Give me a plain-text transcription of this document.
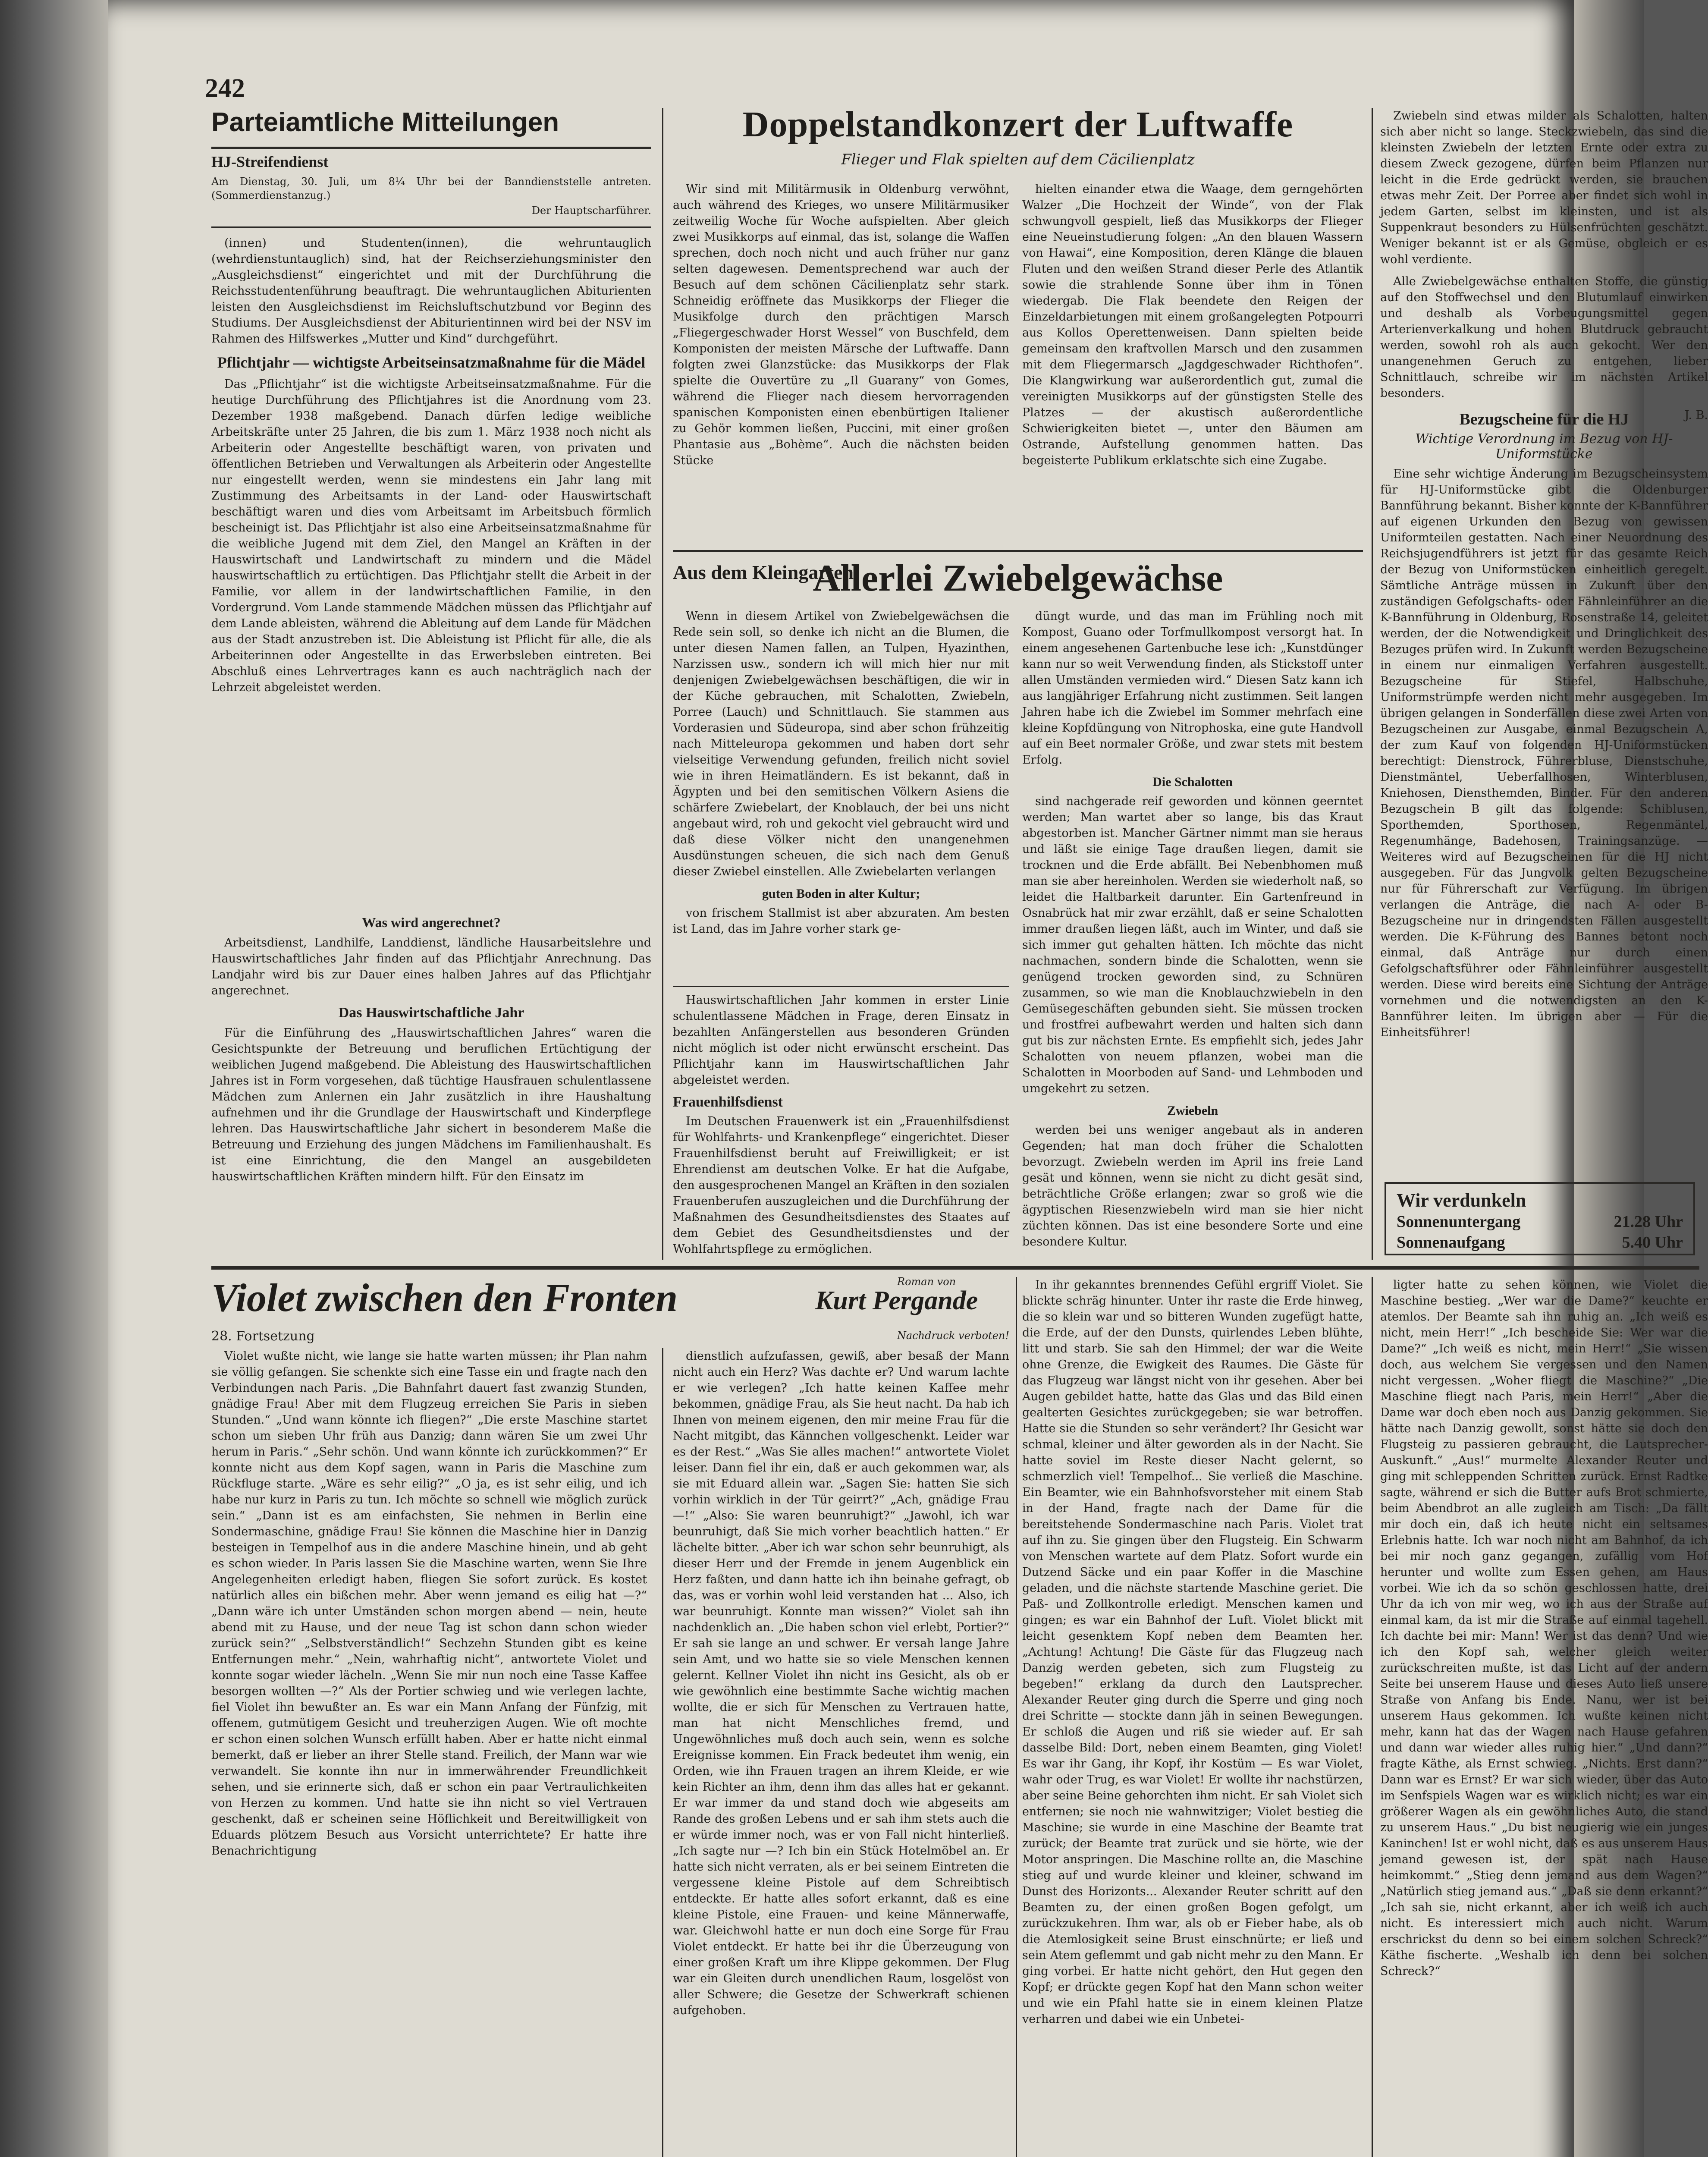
242
Parteiamtliche Mitteilungen
HJ-Streifendienst
Am Dienstag, 30. Juli, um 8¼ Uhr bei der Banndienststelle antreten. (Sommerdienstanzug.)
Der Hauptscharführer.

(innen) und Studenten(innen), die wehruntauglich (wehrdienstuntauglich) sind, hat der Reichserziehungsminister den „Ausgleichsdienst“ eingerichtet und mit der Durchführung die Reichsstudentenführung beauftragt. Die wehruntauglichen Abiturienten leisten den Ausgleichsdienst im Reichsluftschutzbund vor Beginn des Studiums. Der Ausgleichsdienst der Abiturientinnen wird bei der NSV im Rahmen des Hilfswerkes „Mutter und Kind“ durchgeführt.

Pflichtjahr — wichtigste Arbeitseinsatzmaßnahme für die Mädel

Das „Pflichtjahr“ ist die wichtigste Arbeitseinsatzmaßnahme. Für die heutige Durchführung des Pflichtjahres ist die Anordnung vom 23. Dezember 1938 maßgebend. Danach dürfen ledige weibliche Arbeitskräfte unter 25 Jahren, die bis zum 1. März 1938 noch nicht als Arbeiterin oder Angestellte beschäftigt waren, von privaten und öffentlichen Betrieben und Verwaltungen als Arbeiterin oder Angestellte nur eingestellt werden, wenn sie mindestens ein Jahr lang mit Zustimmung des Arbeitsamts in der Land- oder Hauswirtschaft beschäftigt waren und dies vom Arbeitsamt im Arbeitsbuch förmlich bescheinigt ist. Das Pflichtjahr ist also eine Arbeitseinsatzmaßnahme für die weibliche Jugend mit dem Ziel, den Mangel an Kräften in der Hauswirtschaft und Landwirtschaft zu mindern und die Mädel hauswirtschaftlich zu ertüchtigen. Das Pflichtjahr stellt die Arbeit in der Familie, vor allem in der landwirtschaftlichen Familie, in den Vordergrund. Vom Lande stammende Mädchen müssen das Pflichtjahr auf dem Lande ableisten, während die Ableitung auf dem Lande für Mädchen aus der Stadt anzustreben ist. Die Ableistung ist Pflicht für alle, die als Arbeiterinnen oder Angestellte in das Erwerbsleben eintreten. Bei Abschluß eines Lehrvertrages kann es auch nachträglich nach der Lehrzeit abgeleistet werden.

Was wird angerechnet?

Arbeitsdienst, Landhilfe, Landdienst, ländliche Hausarbeitslehre und Hauswirtschaftliches Jahr finden auf das Pflichtjahr Anrechnung. Das Landjahr wird bis zur Dauer eines halben Jahres auf das Pflichtjahr angerechnet.

Das Hauswirtschaftliche Jahr

Für die Einführung des „Hauswirtschaftlichen Jahres“ waren die Gesichtspunkte der Betreuung und beruflichen Ertüchtigung der weiblichen Jugend maßgebend. Die Ableistung des Hauswirtschaftlichen Jahres ist in Form vorgesehen, daß tüchtige Hausfrauen schulentlassene Mädchen zum Anlernen ein Jahr zusätzlich in ihre Haushaltung aufnehmen und ihr die Grundlage der Hauswirtschaft und Kinderpflege lehren. Das Hauswirtschaftliche Jahr sichert in besonderem Maße die Betreuung und Erziehung des jungen Mädchens im Familienhaushalt. Es ist eine Einrichtung, die den Mangel an ausgebildeten hauswirtschaftlichen Kräften mindern hilft. Für den Einsatz im

Doppelstandkonzert der Luftwaffe
Flieger und Flak spielten auf dem Cäcilienplatz

Wir sind mit Militärmusik in Oldenburg verwöhnt, auch während des Krieges, wo unsere Militärmusiker zeitweilig Woche für Woche aufspielten. Aber gleich zwei Musikkorps auf einmal, das ist, solange die Waffen sprechen, doch noch nicht und auch früher nur ganz selten dagewesen. Dementsprechend war auch der Besuch auf dem schönen Cäcilienplatz sehr stark. Schneidig eröffnete das Musikkorps der Flieger die Musikfolge durch den prächtigen Marsch „Fliegergeschwader Horst Wessel“ von Buschfeld, dem Komponisten der meisten Märsche der Luftwaffe. Dann folgten zwei Glanzstücke: das Musikkorps der Flak spielte die Ouvertüre zu „Il Guarany“ von Gomes, während die Flieger nach diesem hervorragenden spanischen Komponisten einen ebenbürtigen Italiener zu Gehör kommen ließen, Puccini, mit einer großen Phantasie aus „Bohème“. Auch die nächsten beiden Stücke

hielten einander etwa die Waage, dem gerngehörten Walzer „Die Hochzeit der Winde“, von der Flak schwungvoll gespielt, ließ das Musikkorps der Flieger eine Neueinstudierung folgen: „An den blauen Wassern von Hawai“, eine Komposition, deren Klänge die blauen Fluten und den weißen Strand dieser Perle des Atlantik sowie die strahlende Sonne über ihm in Tönen wiedergab. Die Flak beendete den Reigen der Einzeldarbietungen mit einem großangelegten Potpourri aus Kollos Operettenweisen. Dann spielten beide gemeinsam den kraftvollen Marsch und den zusammen mit dem Fliegermarsch „Jagdgeschwader Richthofen“. Die Klangwirkung war außerordentlich gut, zumal die vereinigten Musikkorps auf der günstigsten Stelle des Platzes — der akustisch außerordentliche Schwierigkeiten bietet —, unter den Bäumen am Ostrande, Aufstellung genommen hatten. Das begeisterte Publikum erklatschte sich eine Zugabe.

Aus dem Kleingarten
Allerlei Zwiebelgewächse

Wenn in diesem Artikel von Zwiebelgewächsen die Rede sein soll, so denke ich nicht an die Blumen, die unter diesen Namen fallen, an Tulpen, Hyazinthen, Narzissen usw., sondern ich will mich hier nur mit denjenigen Zwiebelgewächsen beschäftigen, die wir in der Küche gebrauchen, mit Schalotten, Zwiebeln, Porree (Lauch) und Schnittlauch. Sie stammen aus Vorderasien und Südeuropa, sind aber schon frühzeitig nach Mitteleuropa gekommen und haben dort sehr vielseitige Verwendung gefunden, freilich nicht soviel wie in ihren Heimatländern. Es ist bekannt, daß in Ägypten und bei den semitischen Völkern Asiens die schärfere Zwiebelart, der Knoblauch, der bei uns nicht angebaut wird, roh und gekocht viel gebraucht wird und daß diese Völker nicht den unangenehmen Ausdünstungen scheuen, die sich nach dem Genuß dieser Zwiebel einstellen. Alle Zwiebelarten verlangen

guten Boden in alter Kultur;

von frischem Stallmist ist aber abzuraten. Am besten ist Land, das im Jahre vorher stark ge-

düngt wurde, und das man im Frühling noch mit Kompost, Guano oder Torfmullkompost versorgt hat. In einem angesehenen Gartenbuche lese ich: „Kunstdünger kann nur so weit Verwendung finden, als Stickstoff unter allen Umständen vermieden wird.“ Diesen Satz kann ich aus langjähriger Erfahrung nicht zustimmen. Seit langen Jahren habe ich die Zwiebel im Sommer mehrfach eine kleine Kopfdüngung von Nitrophoska, eine gute Handvoll auf ein Beet normaler Größe, und zwar stets mit bestem Erfolg.

Die Schalotten

sind nachgerade reif geworden und können geerntet werden; Man wartet aber so lange, bis das Kraut abgestorben ist. Mancher Gärtner nimmt man sie heraus und läßt sie einige Tage draußen liegen, damit sie trocknen und die Erde abfällt. Bei Nebenbhomen muß man sie aber hereinholen. Werden sie wiederholt naß, so leidet die Haltbarkeit darunter. Ein Gartenfreund in Osnabrück hat mir zwar erzählt, daß er seine Schalotten immer draußen liegen läßt, auch im Winter, und daß sie sich immer gut gehalten hätten. Ich möchte das nicht nachmachen, sondern binde die Schalotten, wenn sie genügend trocken geworden sind, zu Schnüren zusammen, so wie man die Knoblauchzwiebeln in den Gemüsegeschäften gebunden sieht. Sie müssen trocken und frostfrei aufbewahrt werden und halten sich dann gut bis zur nächsten Ernte. Es empfiehlt sich, jedes Jahr Schalotten von neuem pflanzen, wobei man die Schalotten in Moorboden auf Sand- und Lehmboden und umgekehrt zu setzen.

Zwiebeln

werden bei uns weniger angebaut als in anderen Gegenden; hat man doch früher die Schalotten bevorzugt. Zwiebeln werden im April ins freie Land gesät und können, wenn sie nicht zu dicht gesät sind, beträchtliche Größe erlangen; zwar so groß wie die ägyptischen Riesenzwiebeln wird man sie hier nicht züchten können. Das ist eine besondere Sorte und eine besondere Kultur.

Hauswirtschaftlichen Jahr kommen in erster Linie schulentlassene Mädchen in Frage, deren Einsatz in bezahlten Anfängerstellen aus besonderen Gründen nicht möglich ist oder nicht erwünscht erscheint. Das Pflichtjahr kann im Hauswirtschaftlichen Jahr abgeleistet werden.

Frauenhilfsdienst

Im Deutschen Frauenwerk ist ein „Frauenhilfsdienst für Wohlfahrts- und Krankenpflege“ eingerichtet. Dieser Frauenhilfsdienst beruht auf Freiwilligkeit; er ist Ehrendienst am deutschen Volke. Er hat die Aufgabe, den ausgesprochenen Mangel an Kräften in den sozialen Frauenberufen auszugleichen und die Durchführung der Maßnahmen des Gesundheitsdienstes des Staates auf dem Gebiet des Gesundheitsdienstes und der Wohlfahrtspflege zu ermöglichen.

Zwiebeln sind etwas milder als Schalotten, halten sich aber nicht so lange. Steckzwiebeln, das sind die kleinsten Zwiebeln der letzten Ernte oder extra zu diesem Zweck gezogene, dürfen beim Pflanzen nur leicht in die Erde gedrückt werden, sie brauchen etwas mehr Zeit. Der Porree aber findet sich wohl in jedem Garten, selbst im kleinsten, und ist als Suppenkraut besonders zu Hülsenfrüchten geschätzt. Weniger bekannt ist er als Gemüse, obgleich er es wohl verdiente.

Alle Zwiebelgewächse enthalten Stoffe, die günstig auf den Stoffwechsel und den Blutumlauf einwirken und deshalb als Vorbeugungsmittel gegen Arterienverkalkung und hohen Blutdruck gebraucht werden, sowohl roh als auch gekocht. Wer den unangenehmen Geruch zu entgehen, lieber Schnittlauch, schreibe wir im nächsten Artikel besonders.

J. B.
Bezugscheine für die HJ
Wichtige Verordnung im Bezug von HJ-Uniformstücke

Eine sehr wichtige Änderung im Bezugscheinsystem für HJ-Uniformstücke gibt die Oldenburger Bannführung bekannt. Bisher konnte der K-Bannführer auf eigenen Urkunden den Bezug von gewissen Uniformteilen gestatten. Nach einer Neuordnung des Reichsjugendführers ist jetzt für das gesamte Reich der Bezug von Uniformstücken einheitlich geregelt. Sämtliche Anträge müssen in Zukunft über den zuständigen Gefolgschafts- oder Fähnleinführer an die K-Bannführung in Oldenburg, Rosenstraße 14, geleitet werden, der die Notwendigkeit und Dringlichkeit des Bezuges prüfen wird. In Zukunft werden Bezugscheine in einem nur einmaligen Verfahren ausgestellt. Bezugscheine für Stiefel, Halbschuhe, Uniformstrümpfe werden nicht mehr ausgegeben. Im übrigen gelangen in Sonderfällen diese zwei Arten von Bezugscheinen zur Ausgabe, einmal Bezugschein A, der zum Kauf von folgenden HJ-Uniformstücken berechtigt: Dienstrock, Führerbluse, Dienstschuhe, Dienstmäntel, Ueberfallhosen, Winterblusen, Kniehosen, Diensthemden, Binder. Für den anderen Bezugschein B gilt das folgende: Schiblusen, Sporthemden, Sporthosen, Regenmäntel, Regenumhänge, Badehosen, Trainingsanzüge. — Weiteres wird auf Bezugscheinen für die HJ nicht ausgegeben. Für das Jungvolk gelten Bezugscheine nur für Führerschaft zur Verfügung. Im übrigen verlangen die Anträge, die nach A- oder B-Bezugscheine nur in dringendsten Fällen ausgestellt werden. Die K-Führung des Bannes betont noch einmal, daß Anträge nur durch einen Gefolgschaftsführer oder Fähnleinführer ausgestellt werden. Diese wird bereits eine Sichtung der Anträge vornehmen und die notwendigsten an den K-Bannführer leiten. Im übrigen aber — Für die Einheitsführer!

Wir verdunkeln
Sonnenuntergang	21.28 Uhr
Sonnenaufgang	5.40 Uhr
Violet zwischen den Fronten	Roman von
Kurt Pergande
28. Fortsetzung	Nachdruck verboten!

Violet wußte nicht, wie lange sie hatte warten müssen; ihr Plan nahm sie völlig gefangen. Sie schenkte sich eine Tasse ein und fragte nach den Verbindungen nach Paris. „Die Bahnfahrt dauert fast zwanzig Stunden, gnädige Frau! Aber mit dem Flugzeug erreichen Sie Paris in sieben Stunden.“ „Und wann könnte ich fliegen?“ „Die erste Maschine startet schon um sieben Uhr früh aus Danzig; dann wären Sie um zwei Uhr herum in Paris.“ „Sehr schön. Und wann könnte ich zurückkommen?“ Er konnte nicht aus dem Kopf sagen, wann in Paris die Maschine zum Rückfluge starte. „Wäre es sehr eilig?“ „O ja, es ist sehr eilig, und ich habe nur kurz in Paris zu tun. Ich möchte so schnell wie möglich zurück sein.“ „Dann ist es am einfachsten, Sie nehmen in Berlin eine Sondermaschine, gnädige Frau! Sie können die Maschine hier in Danzig besteigen in Tempelhof aus in die andere Maschine hinein, und ab geht es schon wieder. In Paris lassen Sie die Maschine warten, wenn Sie Ihre Angelegenheiten erledigt haben, fliegen Sie sofort zurück. Es kostet natürlich alles ein bißchen mehr. Aber wenn jemand es eilig hat —?“ „Dann wäre ich unter Umständen schon morgen abend — nein, heute abend mit zu Hause, und der neue Tag ist schon dann schon wieder zurück sein?“ „Selbstverständlich!“ Sechzehn Stunden gibt es keine Entfernungen mehr.“ „Nein, wahrhaftig nicht“, antwortete Violet und konnte sogar wieder lächeln. „Wenn Sie mir nun noch eine Tasse Kaffee besorgen wollten —?“ Als der Portier schwieg und wie verlegen lachte, fiel Violet ihn bewußter an. Es war ein Mann Anfang der Fünfzig, mit offenem, gutmütigem Gesicht und treuherzigen Augen. Wie oft mochte er schon einen solchen Wunsch erfüllt haben. Aber er hatte nicht einmal bemerkt, daß er lieber an ihrer Stelle stand. Freilich, der Mann war wie verwandelt. Sie konnte ihn nur in immerwährender Freundlichkeit sehen, und sie erinnerte sich, daß er schon ein paar Vertraulichkeiten von Herzen zu kommen. Und hatte sie ihn nicht so viel Vertrauen geschenkt, daß er scheinen seine Höflichkeit und Bereitwilligkeit von Eduards plötzem Besuch aus Vorsicht unterrichtete? Er hatte ihre Benachrichtigung

dienstlich aufzufassen, gewiß, aber besaß der Mann nicht auch ein Herz? Was dachte er? Und warum lachte er wie verlegen? „Ich hatte keinen Kaffee mehr bekommen, gnädige Frau, als Sie heut nacht. Da hab ich Ihnen von meinem eigenen, den mir meine Frau für die Nacht mitgibt, das Kännchen vollgeschenkt. Leider war es der Rest.“ „Was Sie alles machen!“ antwortete Violet leiser. Dann fiel ihr ein, daß er auch gekommen war, als sie mit Eduard allein war. „Sagen Sie: hatten Sie sich vorhin wirklich in der Tür geirrt?“ „Ach, gnädige Frau —!“ „Also: Sie waren beunruhigt?“ „Jawohl, ich war beunruhigt, daß Sie mich vorher beachtlich hatten.“ Er lächelte bitter. „Aber ich war schon sehr beunruhigt, als dieser Herr und der Fremde in jenem Augenblick ein Herz faßten, und dann hatte ich ihn beinahe gefragt, ob das, was er vorhin wohl leid verstanden hat ... Also, ich war beunruhigt. Konnte man wissen?“ Violet sah ihn nachdenklich an. „Die haben schon viel erlebt, Portier?“ Er sah sie lange an und schwer. Er versah lange Jahre sein Amt, und wo hatte sie so viele Menschen kennen gelernt. Kellner Violet ihn nicht ins Gesicht, als ob er wie gewöhnlich eine bestimmte Sache wichtig machen wollte, die er sich für Menschen zu Vertrauen hatte, man hat nicht Menschliches fremd, und Ungewöhnliches muß doch auch sein, wenn es solche Ereignisse kommen. Ein Frack bedeutet ihm wenig, ein Orden, wie ihn Frauen tragen an ihrem Kleide, er wie kein Richter an ihm, denn ihm das alles hat er gekannt. Er war immer da und stand doch wie abgeseits am Rande des großen Lebens und er sah ihm stets auch die er würde immer noch, was er von Fall nicht hinterließ. „Ich sagte nur —? Ich bin ein Stück Hotelmöbel an. Er hatte sich nicht verraten, als er bei seinem Eintreten die vergessene kleine Pistole auf dem Schreibtisch entdeckte. Er hatte alles sofort erkannt, daß es eine kleine Pistole, eine Frauen- und keine Männerwaffe, war. Gleichwohl hatte er nun doch eine Sorge für Frau Violet entdeckt. Er hatte bei ihr die Überzeugung von einer großen Kraft um ihre Klippe gekommen. Der Flug war ein Gleiten durch unendlichen Raum, losgelöst von aller Schwere; die Gesetze der Schwerkraft schienen aufgehoben.

In ihr gekanntes brennendes Gefühl ergriff Violet. Sie blickte schräg hinunter. Unter ihr raste die Erde hinweg, die so klein war und so bitteren Wunden zugefügt hatte, die Erde, auf der den Dunsts, quirlendes Leben blühte, litt und starb. Sie sah den Himmel; der war die Weite ohne Grenze, die Ewigkeit des Raumes. Die Gäste für das Flugzeug war längst nicht von ihr gesehen. Aber bei Augen gebildet hatte, hatte das Glas und das Bild einen gealterten Gesichtes zurückgegeben; sie war betroffen. Hatte sie die Stunden so sehr verändert? Ihr Gesicht war schmal, kleiner und älter geworden als in der Nacht. Sie hatte soviel im Reste dieser Nacht gelernt, so schmerzlich viel! Tempelhof... Sie verließ die Maschine. Ein Beamter, wie ein Bahnhofsvorsteher mit einem Stab in der Hand, fragte nach der Dame für die bereitstehende Sondermaschine nach Paris. Violet trat auf ihn zu. Sie gingen über den Flugsteig. Ein Schwarm von Menschen wartete auf dem Platz. Sofort wurde ein Dutzend Säcke und ein paar Koffer in die Maschine geladen, und die nächste startende Maschine geriet. Die Paß- und Zollkontrolle erledigt. Menschen kamen und gingen; es war ein Bahnhof der Luft. Violet blickt mit leicht gesenktem Kopf neben dem Beamten her. „Achtung! Achtung! Die Gäste für das Flugzeug nach Danzig werden gebeten, sich zum Flugsteig zu begeben!“ erklang da durch den Lautsprecher. Alexander Reuter ging durch die Sperre und ging noch drei Schritte — stockte dann jäh in seinen Bewegungen. Er schloß die Augen und riß sie wieder auf. Er sah dasselbe Bild: Dort, neben einem Beamten, ging Violet! Es war ihr Gang, ihr Kopf, ihr Kostüm — Es war Violet, wahr oder Trug, es war Violet! Er wollte ihr nachstürzen, aber seine Beine gehorchten ihm nicht. Er sah Violet sich entfernen; sie noch nie wahnwitziger; Violet bestieg die Maschine; sie wurde in eine Maschine der Beamte trat zurück; der Beamte trat zurück und sie hörte, wie der Motor anspringen. Die Maschine rollte an, die Maschine stieg auf und wurde kleiner und kleiner, schwand im Dunst des Horizonts... Alexander Reuter schritt auf den Beamten zu, der einen großen Bogen gefolgt, um zurückzukehren. Ihm war, als ob er Fieber habe, als ob die Atemlosigkeit seine Brust einschnürte; er ließ und sein Atem geflemmt und gab nicht mehr zu den Mann. Er ging vorbei. Er hatte nicht gehört, den Hut gegen den Kopf; er drückte gegen Kopf hat den Mann schon weiter und wie ein Pfahl hatte sie in einem kleinen Platze verharren und dabei wie ein Unbetei-

ligter hatte zu sehen können, wie Violet die Maschine bestieg. „Wer war die Dame?“ keuchte er atemlos. Der Beamte sah ihn ruhig an. „Ich weiß es nicht, mein Herr!“ „Ich bescheide Sie: Wer war die Dame?“ „Ich weiß es nicht, mein Herr!“ „Sie wissen doch, aus welchem Sie vergessen und den Namen nicht vergessen. „Woher fliegt die Maschine?“ „Die Maschine fliegt nach Paris, mein Herr!“ „Aber die Dame war doch eben noch aus Danzig gekommen. Sie hätte nach Danzig gewollt, sonst hätte sie doch den Flugsteig zu passieren gebraucht, die Lautsprecher-Auskunft.“ „Aus!“ murmelte Alexander Reuter und ging mit schleppenden Schritten zurück. Ernst Radtke sagte, während er sich die Butter aufs Brot schmierte, beim Abendbrot an alle zugleich am Tisch: „Da fällt mir doch ein, daß ich heute nicht ein seltsames Erlebnis hatte. Ich war noch nicht am Bahnhof, da ich bei mir noch ganz gegangen, zufällig vom Hof herunter und wollte zum Essen gehen, am Haus vorbei. Wie ich da so schön geschlossen hatte, drei Uhr da ich von mir weg, wo ich aus der Straße auf einmal kam, da ist mir die Straße auf einmal tagehell. Ich dachte bei mir: Mann! Wer ist das denn? Und wie ich den Kopf sah, welcher gleich weiter zurückschreiten mußte, ist das Licht auf der andern Seite bei unserem Hause und dieses Auto ließ unsere Straße von Anfang bis Ende. Nanu, wer ist bei unserem Haus gekommen. Ich wußte keinen nicht mehr, kann hat das der Wagen nach Hause gefahren und dann war wieder alles ruhig hier.“ „Und dann?“ fragte Käthe, als Ernst schwieg. „Nichts. Erst dann?“ Dann war es Ernst? Er war sich wieder, über das Auto im Senfspiels Wagen war es wirklich nicht; es war ein größerer Wagen als ein gewöhnliches Auto, die stand zu unserem Haus.“ „Du bist neugierig wie ein junges Kaninchen! Ist er wohl nicht, daß es aus unserem Haus jemand gewesen ist, der spät nach Hause heimkommt.“ „Stieg denn jemand aus dem Wagen?“ „Natürlich stieg jemand aus.“ „Daß sie denn erkannt?“ „Ich sah sie, nicht erkannt, aber ich weiß ich auch nicht. Es interessiert mich auch nicht. Warum erschrickst du denn so bei einem solchen Schreck?“ Käthe fischerte. „Weshalb ich denn bei solchen Schreck?“
